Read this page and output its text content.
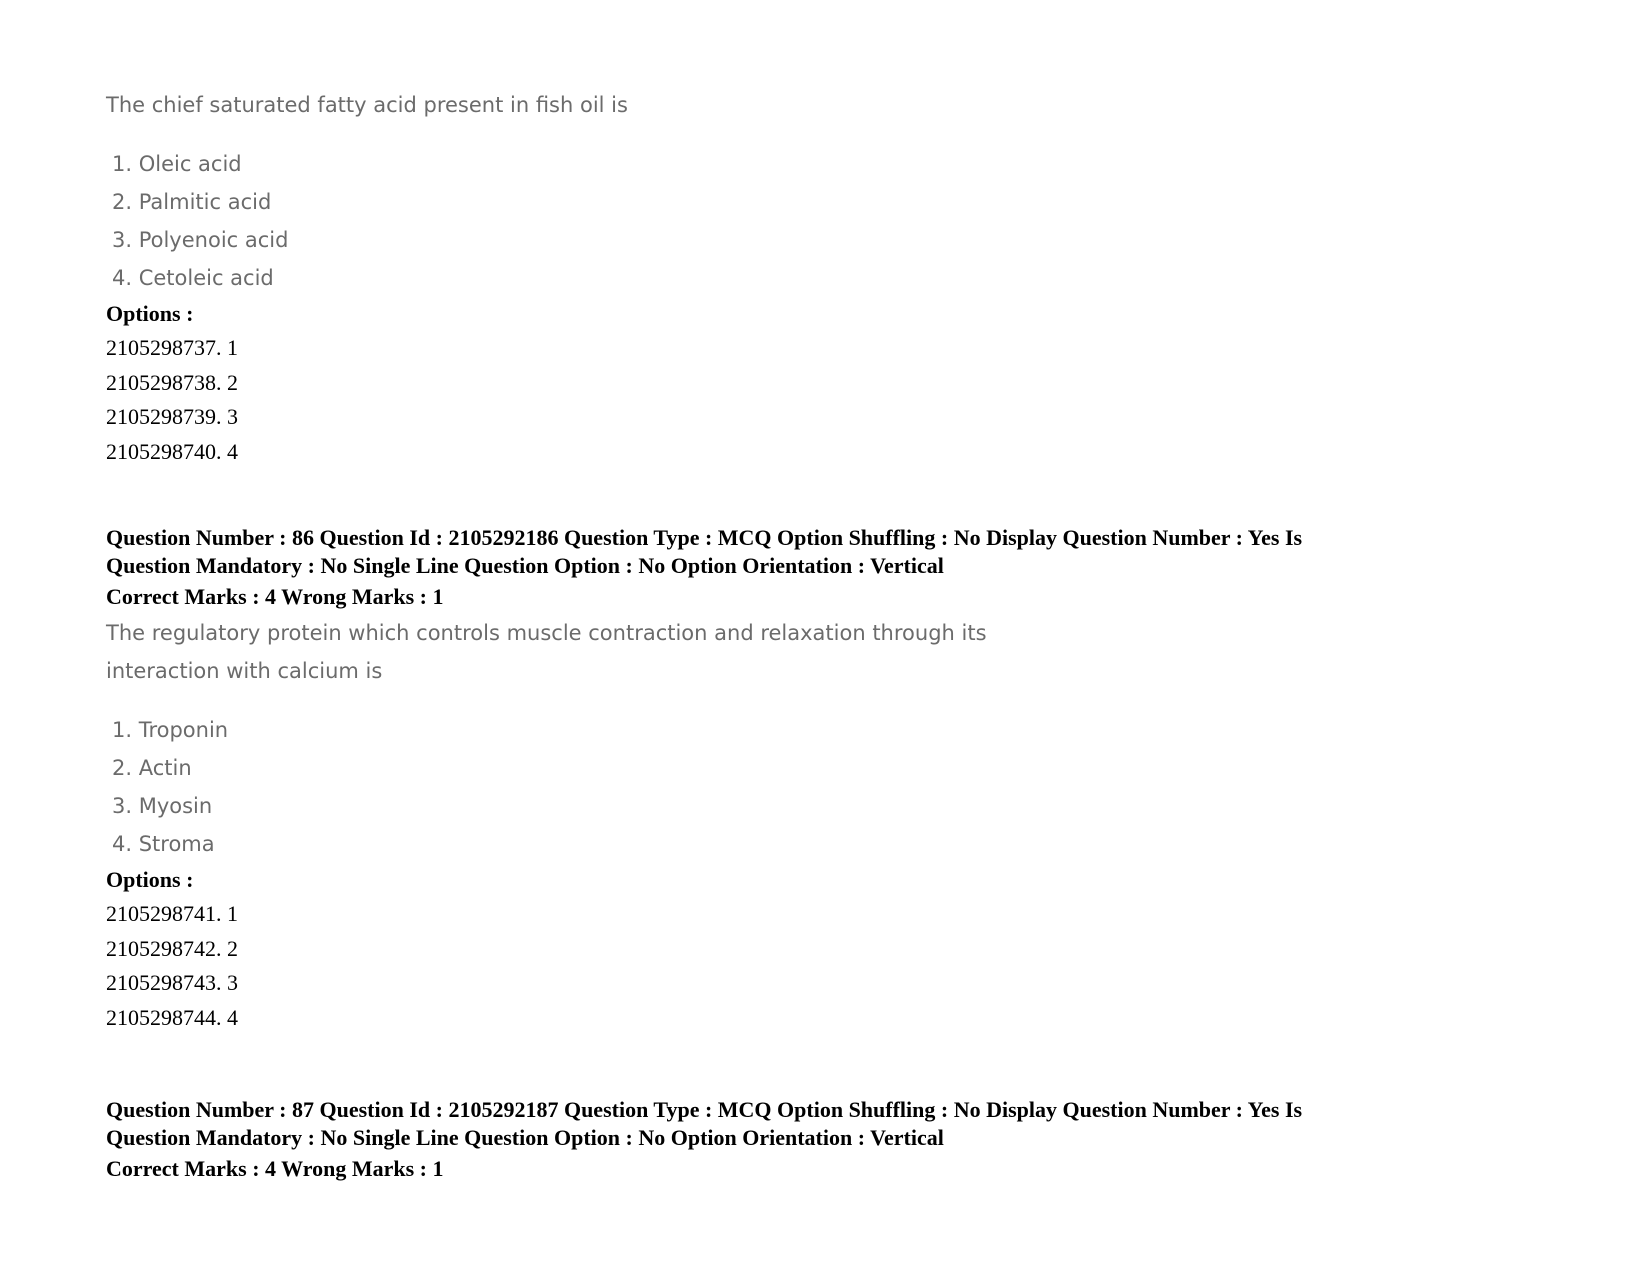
The chief saturated fatty acid present in fish oil is

1. Oleic acid
2. Palmitic acid
3. Polyenoic acid
4. Cetoleic acid

Options :

2105298737. 1
2105298738. 2
2105298739. 3
2105298740. 4

Question Number : 86 Question Id : 2105292186 Question Type : MCQ Option Shuffling : No Display Question Number : Yes Is
Question Mandatory : No Single Line Question Option : No Option Orientation : Vertical

Correct Marks : 4 Wrong Marks : 1

The regulatory protein which controls muscle contraction and relaxation through its
interaction with calcium is

1. Troponin
2. Actin
3. Myosin
4. Stroma

Options :

2105298741. 1
2105298742. 2
2105298743. 3
2105298744. 4

Question Number : 87 Question Id : 2105292187 Question Type : MCQ Option Shuffling : No Display Question Number : Yes Is
Question Mandatory : No Single Line Question Option : No Option Orientation : Vertical

Correct Marks : 4 Wrong Marks : 1
